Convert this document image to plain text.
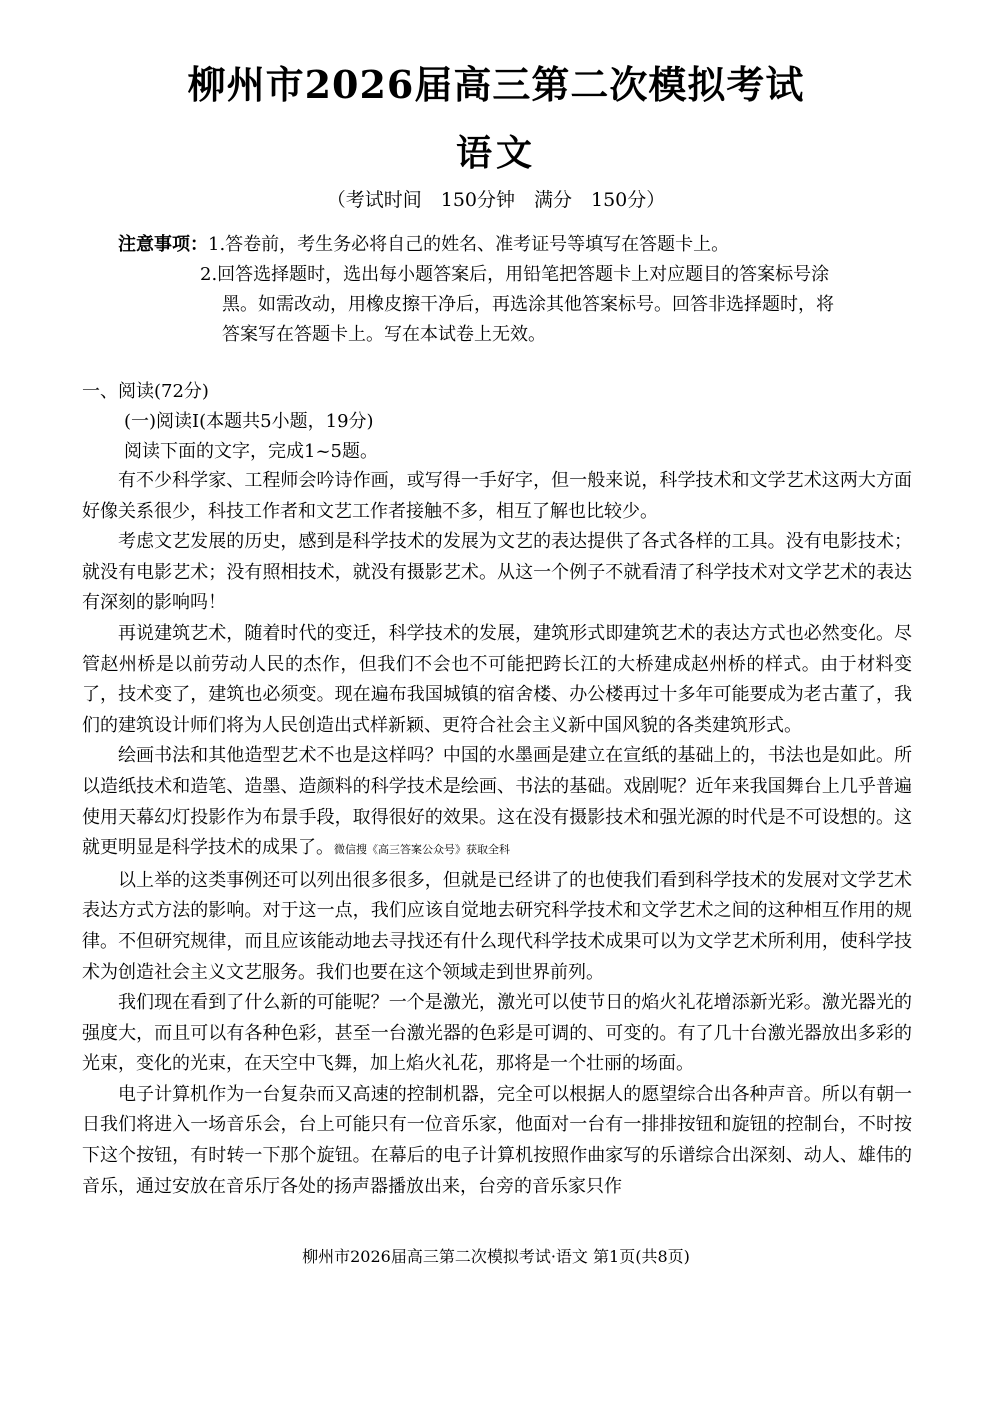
柳州市2026届高三第二次模拟考试
语文
（考试时间　150分钟　满分　150分）
注意事项：1.答卷前，考生务必将自己的姓名、准考证号等填写在答题卡上。
2.回答选择题时，选出每小题答案后，用铅笔把答题卡上对应题目的答案标号涂
黑。如需改动，用橡皮擦干净后，再选涂其他答案标号。回答非选择题时，将
答案写在答题卡上。写在本试卷上无效。
一、阅读(72分)
(一)阅读Ⅰ(本题共5小题，19分)
阅读下面的文字，完成1~5题。

有不少科学家、工程师会吟诗作画，或写得一手好字，但一般来说，科学技术和文学艺术这两大方面好像关系很少，科技工作者和文艺工作者接触不多，相互了解也比较少。

考虑文艺发展的历史，感到是科学技术的发展为文艺的表达提供了各式各样的工具。没有电影技术；就没有电影艺术；没有照相技术，就没有摄影艺术。从这一个例子不就看清了科学技术对文学艺术的表达有深刻的影响吗！

再说建筑艺术，随着时代的变迁，科学技术的发展，建筑形式即建筑艺术的表达方式也必然变化。尽管赵州桥是以前劳动人民的杰作，但我们不会也不可能把跨长江的大桥建成赵州桥的样式。由于材料变了，技术变了，建筑也必须变。现在遍布我国城镇的宿舍楼、办公楼再过十多年可能要成为老古董了，我们的建筑设计师们将为人民创造出式样新颖、更符合社会主义新中国风貌的各类建筑形式。

绘画书法和其他造型艺术不也是这样吗？中国的水墨画是建立在宣纸的基础上的，书法也是如此。所以造纸技术和造笔、造墨、造颜料的科学技术是绘画、书法的基础。戏剧呢？近年来我国舞台上几乎普遍使用天幕幻灯投影作为布景手段，取得很好的效果。这在没有摄影技术和强光源的时代是不可设想的。这就更明显是科学技术的成果了。微信搜《高三答案公众号》获取全科

以上举的这类事例还可以列出很多很多，但就是已经讲了的也使我们看到科学技术的发展对文学艺术表达方式方法的影响。对于这一点，我们应该自觉地去研究科学技术和文学艺术之间的这种相互作用的规律。不但研究规律，而且应该能动地去寻找还有什么现代科学技术成果可以为文学艺术所利用，使科学技术为创造社会主义文艺服务。我们也要在这个领域走到世界前列。

我们现在看到了什么新的可能呢？一个是激光，激光可以使节日的焰火礼花增添新光彩。激光器光的强度大，而且可以有各种色彩，甚至一台激光器的色彩是可调的、可变的。有了几十台激光器放出多彩的光束，变化的光束，在天空中飞舞，加上焰火礼花，那将是一个壮丽的场面。

电子计算机作为一台复杂而又高速的控制机器，完全可以根据人的愿望综合出各种声音。所以有朝一日我们将进入一场音乐会，台上可能只有一位音乐家，他面对一台有一排排按钮和旋钮的控制台，不时按下这个按钮，有时转一下那个旋钮。在幕后的电子计算机按照作曲家写的乐谱综合出深刻、动人、雄伟的音乐，通过安放在音乐厅各处的扬声器播放出来，台旁的音乐家只作

柳州市2026届高三第二次模拟考试·语文 第1页(共8页)
